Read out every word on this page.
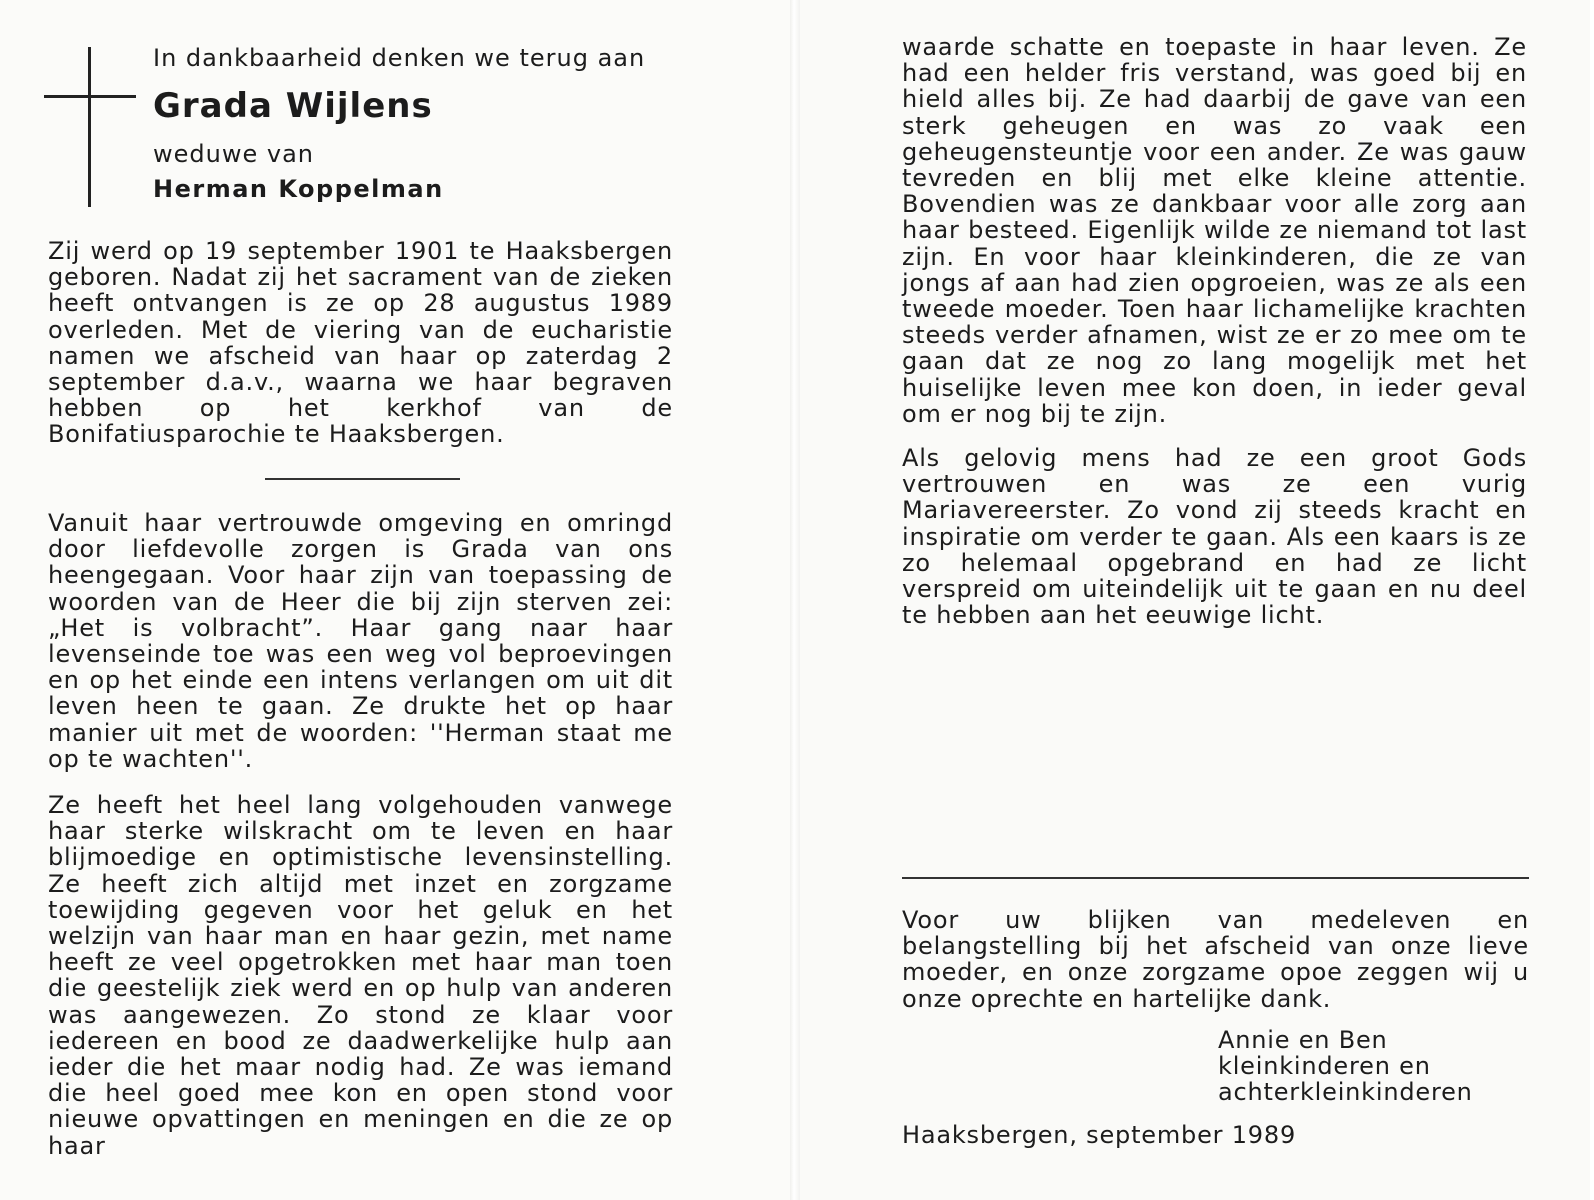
In dankbaarheid denken we terug aan

Grada Wijlens

weduwe van

Herman Koppelman

Zij werd op 19 september 1901 te Haaksbergen geboren. Nadat zij het sacrament van de zieken heeft ontvangen is ze op 28 augustus 1989 overleden. Met de viering van de eucharistie namen we afscheid van haar op zaterdag 2 september d.a.v., waarna we haar begraven hebben op het kerkhof van de Bonifatiusparochie te Haaksbergen.

Vanuit haar vertrouwde omgeving en omringd door liefdevolle zorgen is Grada van ons heengegaan. Voor haar zijn van toepassing de woorden van de Heer die bij zijn sterven zei: „Het is volbracht”. Haar gang naar haar levenseinde toe was een weg vol beproevingen en op het einde een intens verlangen om uit dit leven heen te gaan. Ze drukte het op haar manier uit met de woorden: ''Herman staat me op te wachten''.

Ze heeft het heel lang volgehouden vanwege haar sterke wilskracht om te leven en haar blijmoedige en optimistische levensinstelling. Ze heeft zich altijd met inzet en zorgzame toewijding gegeven voor het geluk en het welzijn van haar man en haar gezin, met name heeft ze veel opgetrokken met haar man toen die geestelijk ziek werd en op hulp van anderen was aangewezen. Zo stond ze klaar voor iedereen en bood ze daadwerkelijke hulp aan ieder die het maar nodig had. Ze was iemand die heel goed mee kon en open stond voor nieuwe opvattingen en meningen en die ze op haar

waarde schatte en toepaste in haar leven. Ze had een helder fris verstand, was goed bij en hield alles bij. Ze had daarbij de gave van een sterk geheugen en was zo vaak een geheugensteuntje voor een ander. Ze was gauw tevreden en blij met elke kleine attentie. Bovendien was ze dankbaar voor alle zorg aan haar besteed. Eigenlijk wilde ze niemand tot last zijn. En voor haar kleinkinderen, die ze van jongs af aan had zien opgroeien, was ze als een tweede moeder. Toen haar lichamelijke krachten steeds verder afnamen, wist ze er zo mee om te gaan dat ze nog zo lang mogelijk met het huiselijke leven mee kon doen, in ieder geval om er nog bij te zijn.

Als gelovig mens had ze een groot Gods vertrouwen en was ze een vurig Mariavereerster. Zo vond zij steeds kracht en inspiratie om verder te gaan. Als een kaars is ze zo helemaal opgebrand en had ze licht verspreid om uiteindelijk uit te gaan en nu deel te hebben aan het eeuwige licht.

Voor uw blijken van medeleven en belangstelling bij het afscheid van onze lieve moeder, en onze zorgzame opoe zeggen wij u onze oprechte en hartelijke dank.

Annie en Ben
kleinkinderen en
achterkleinkinderen

Haaksbergen, september 1989
